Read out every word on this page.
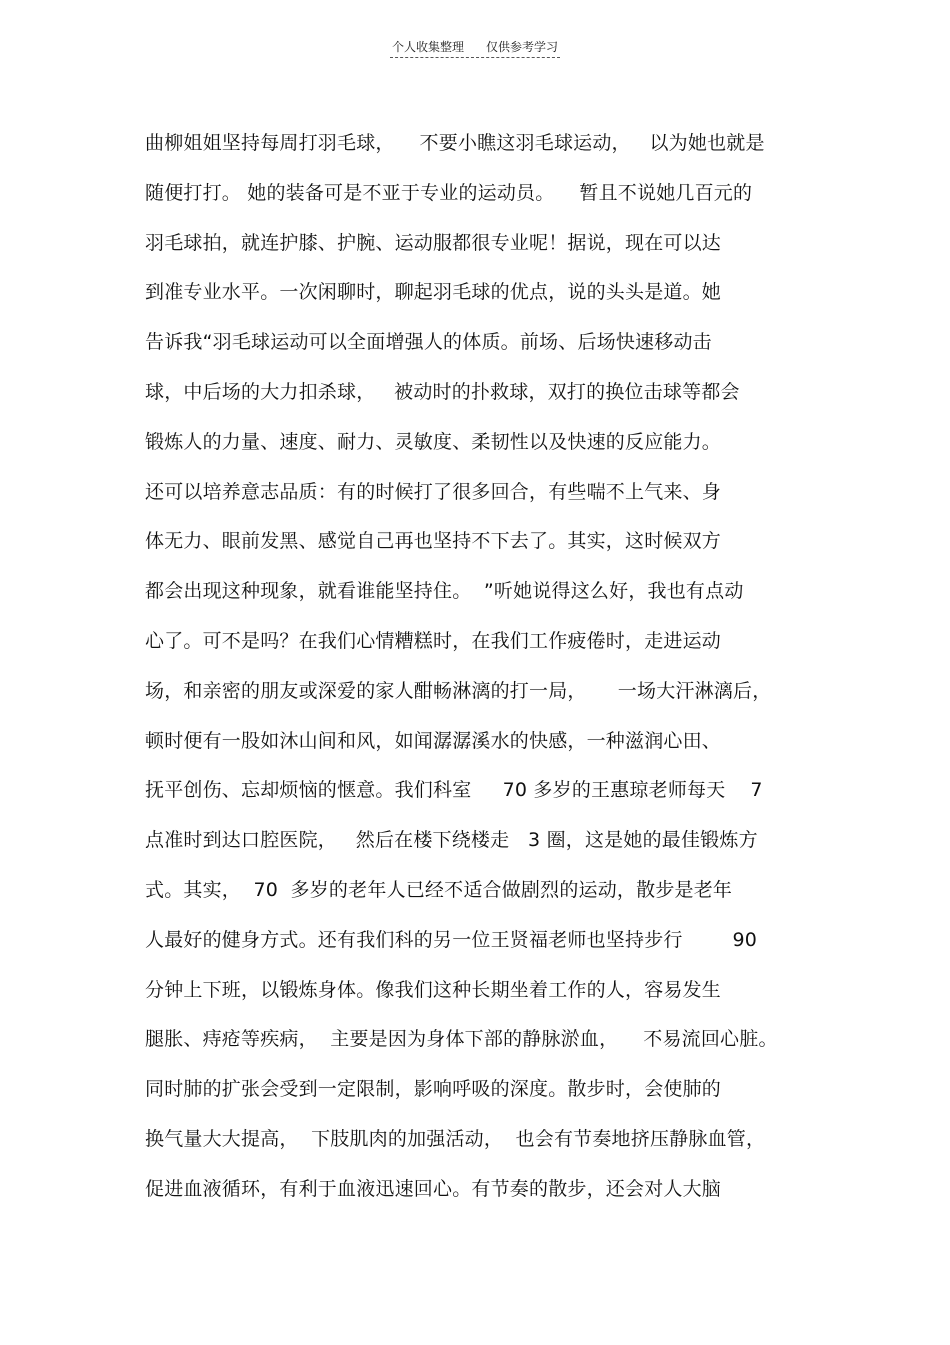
个人收集整理 仅供参考学习
曲柳姐姐坚持每周打羽毛球，    不要小瞧这羽毛球运动，   以为她也就是
随便打打。 她的装备可是不亚于专业的运动员。    暂且不说她几百元的
羽毛球拍，就连护膝、护腕、运动服都很专业呢！据说，现在可以达
到准专业水平。一次闲聊时，聊起羽毛球的优点，说的头头是道。她
告诉我“羽毛球运动可以全面增强人的体质。前场、后场快速移动击
球，中后场的大力扣杀球，   被动时的扑救球，双打的换位击球等都会
锻炼人的力量、速度、耐力、灵敏度、柔韧性以及快速的反应能力。
还可以培养意志品质：有的时候打了很多回合，有些喘不上气来、身
体无力、眼前发黑、感觉自己再也坚持不下去了。其实，这时候双方
都会出现这种现象，就看谁能坚持住。  ”听她说得这么好，我也有点动
心了。可不是吗？在我们心情糟糕时，在我们工作疲倦时，走进运动
场，和亲密的朋友或深爱的家人酣畅淋漓的打一局，     一场大汗淋漓后，
顿时便有一股如沐山间和风，如闻潺潺溪水的快感，一种滋润心田、
抚平创伤、忘却烦恼的惬意。我们科室     70 多岁的王惠琼老师每天    7
点准时到达口腔医院，   然后在楼下绕楼走   3 圈，这是她的最佳锻炼方
式。其实，  70  多岁的老年人已经不适合做剧烈的运动，散步是老年
人最好的健身方式。还有我们科的另一位王贤福老师也坚持步行        90
分钟上下班，以锻炼身体。像我们这种长期坐着工作的人，容易发生
腿胀、痔疮等疾病，  主要是因为身体下部的静脉淤血，    不易流回心脏。
同时肺的扩张会受到一定限制，影响呼吸的深度。散步时，会使肺的
换气量大大提高，  下肢肌肉的加强活动，  也会有节奏地挤压静脉血管，
促进血液循环，有利于血液迅速回心。有节奏的散步，还会对人大脑
